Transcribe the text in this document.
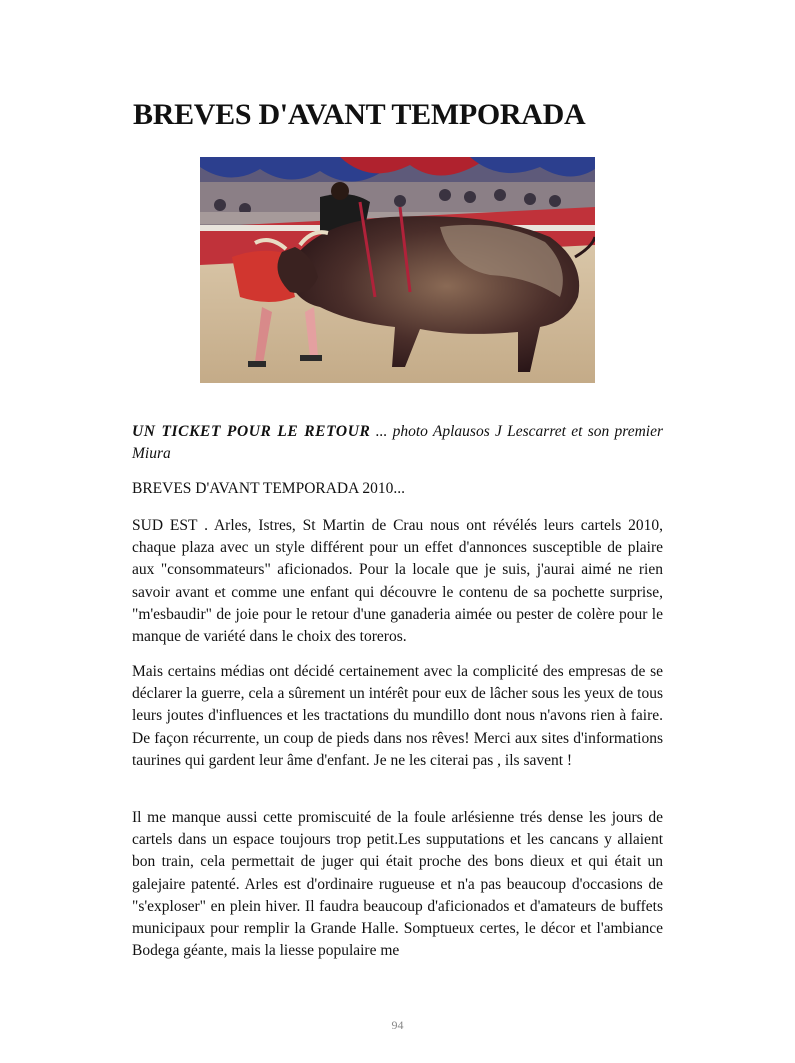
BREVES D'AVANT TEMPORADA

UN TICKET POUR LE RETOUR ... photo Aplausos J Lescarret et son premier Miura

BREVES D'AVANT TEMPORADA 2010...

SUD EST . Arles, Istres, St Martin de Crau nous ont révélés leurs cartels 2010, chaque plaza avec un style différent pour un effet d'annonces susceptible de plaire aux "consommateurs" aficionados. Pour la locale que je suis, j'aurai aimé ne rien savoir avant et comme une enfant qui découvre le contenu de sa pochette surprise, "m'esbaudir" de joie pour le retour d'une ganaderia aimée ou pester de colère pour le manque de variété dans le choix des toreros.

Mais certains médias ont décidé certainement avec la complicité des empresas de se déclarer la guerre, cela a sûrement un intérêt pour eux de lâcher sous les yeux de tous leurs joutes d'influences et les tractations du mundillo dont nous n'avons rien à faire. De façon récurrente, un coup de pieds dans nos rêves! Merci aux sites d'informations taurines qui gardent leur âme d'enfant. Je ne les citerai pas , ils savent !

Il me manque aussi cette promiscuité de la foule arlésienne trés dense les jours de cartels dans un espace toujours trop petit.Les supputations et les cancans y allaient bon train, cela permettait de juger qui était proche des bons dieux et qui était un galejaire patenté. Arles est d'ordinaire rugueuse et n'a pas beaucoup d'occasions de "s'exploser" en plein hiver. Il faudra beaucoup d'aficionados et d'amateurs de buffets municipaux pour remplir la Grande Halle. Somptueux certes, le décor et l'ambiance Bodega géante, mais la liesse populaire me

94
